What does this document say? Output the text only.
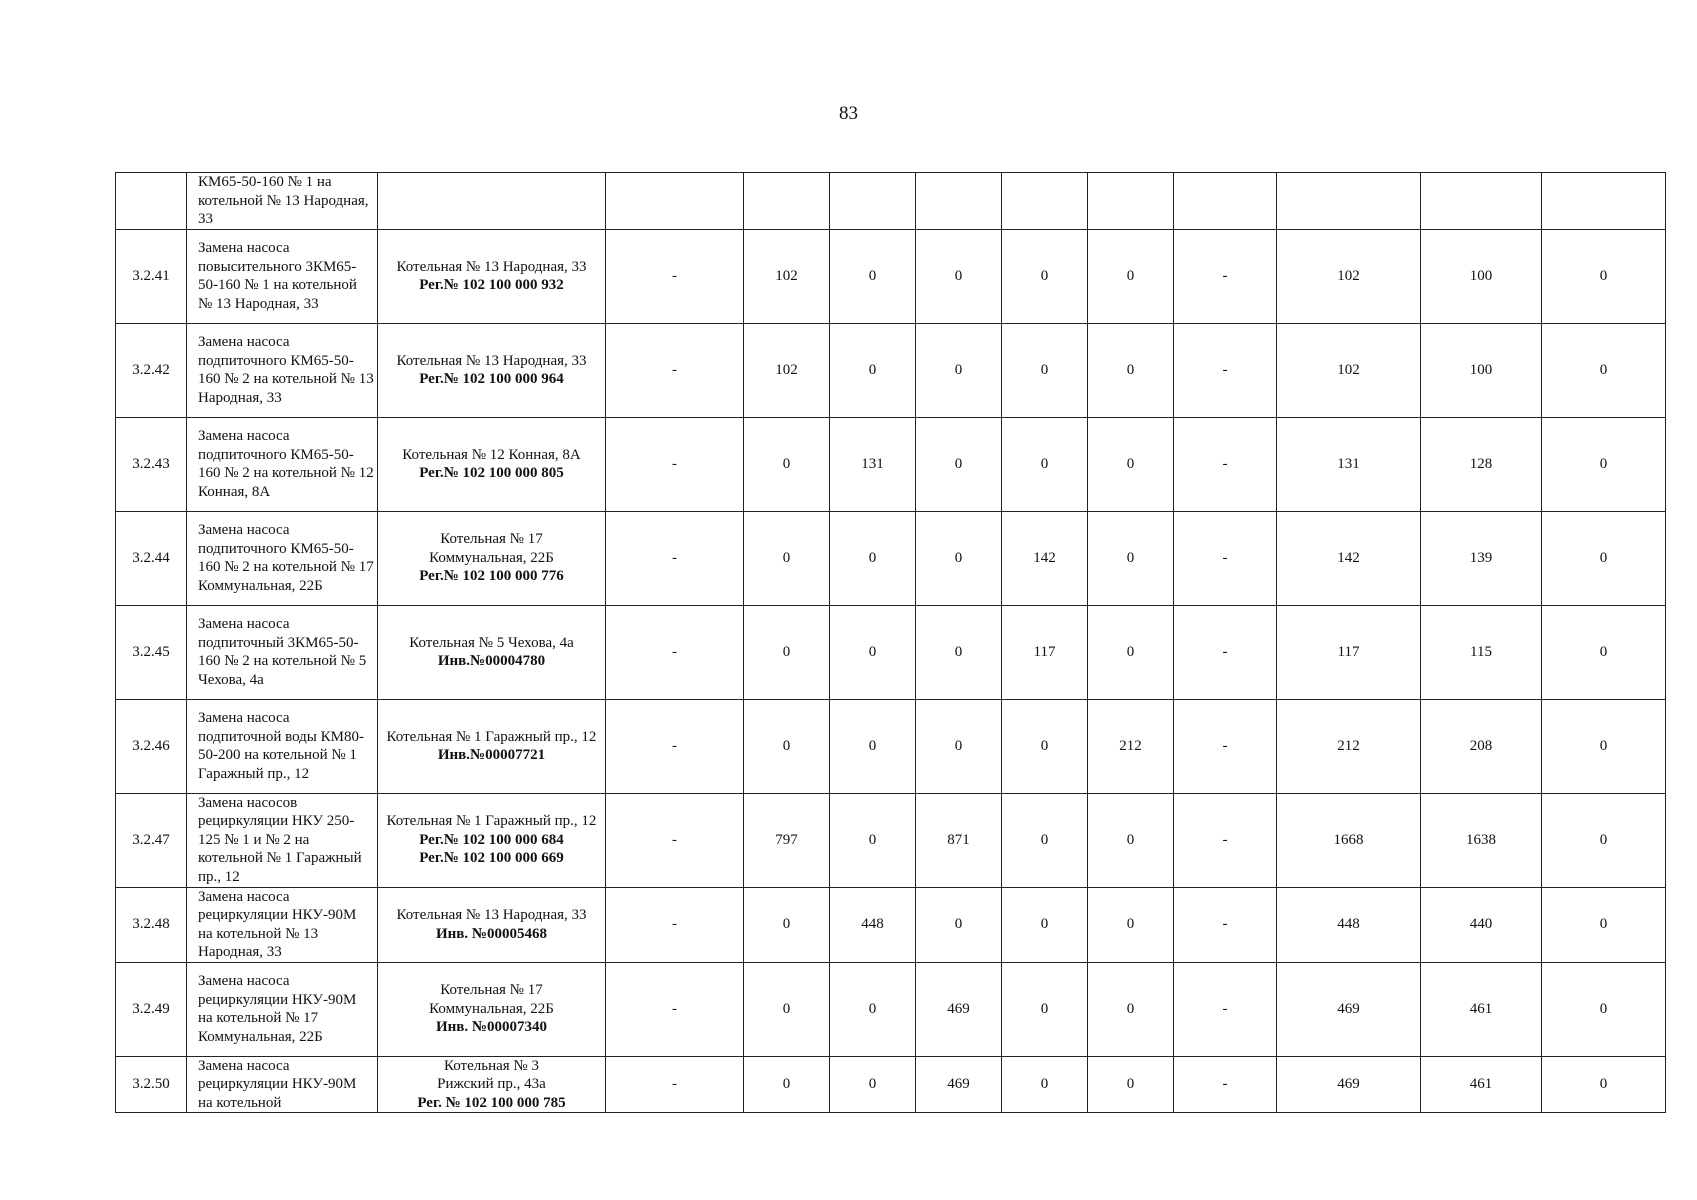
83
	КМ65-50-160 № 1 на котельной № 13 Народная, 33											
3.2.41	Замена насоса повысительного 3КМ65-50-160 № 1 на котельной № 13 Народная, 33	Котельная № 13 Народная, 33
Рег.№ 102 100 000 932	-	102	0	0	0	0	-	102	100	0
3.2.42	Замена насоса подпиточного КМ65-50-160 № 2 на котельной № 13 Народная, 33	Котельная № 13 Народная, 33
Рег.№ 102 100 000 964	-	102	0	0	0	0	-	102	100	0
3.2.43	Замена насоса подпиточного КМ65-50-160 № 2 на котельной № 12 Конная, 8А	Котельная № 12 Конная, 8А
Рег.№ 102 100 000 805	-	0	131	0	0	0	-	131	128	0
3.2.44	Замена насоса подпиточного КМ65-50-160 № 2 на котельной № 17 Коммунальная, 22Б	Котельная № 17
Коммунальная, 22Б
Рег.№ 102 100 000 776	-	0	0	0	142	0	-	142	139	0
3.2.45	Замена насоса подпиточный 3КМ65-50-160 № 2 на котельной № 5 Чехова, 4а	Котельная № 5 Чехова, 4а
Инв.№00004780	-	0	0	0	117	0	-	117	115	0
3.2.46	Замена насоса подпиточной воды КМ80-50-200 на котельной № 1 Гаражный пр., 12	Котельная № 1 Гаражный пр., 12
Инв.№00007721	-	0	0	0	0	212	-	212	208	0
3.2.47	Замена насосов рециркуляции НКУ 250-125 № 1 и № 2 на котельной № 1 Гаражный пр., 12	Котельная № 1 Гаражный пр., 12
Рег.№ 102 100 000 684
Рег.№ 102 100 000 669	-	797	0	871	0	0	-	1668	1638	0
3.2.48	Замена насоса рециркуляции НКУ-90М на котельной № 13 Народная, 33	Котельная № 13 Народная, 33
Инв. №00005468	-	0	448	0	0	0	-	448	440	0
3.2.49	Замена насоса рециркуляции НКУ-90М на котельной № 17 Коммунальная, 22Б	Котельная № 17
Коммунальная, 22Б
Инв. №00007340	-	0	0	469	0	0	-	469	461	0
3.2.50	Замена насоса рециркуляции НКУ-90М на котельной	Котельная № 3
Рижский пр., 43а
Рег. № 102 100 000 785	-	0	0	469	0	0	-	469	461	0
